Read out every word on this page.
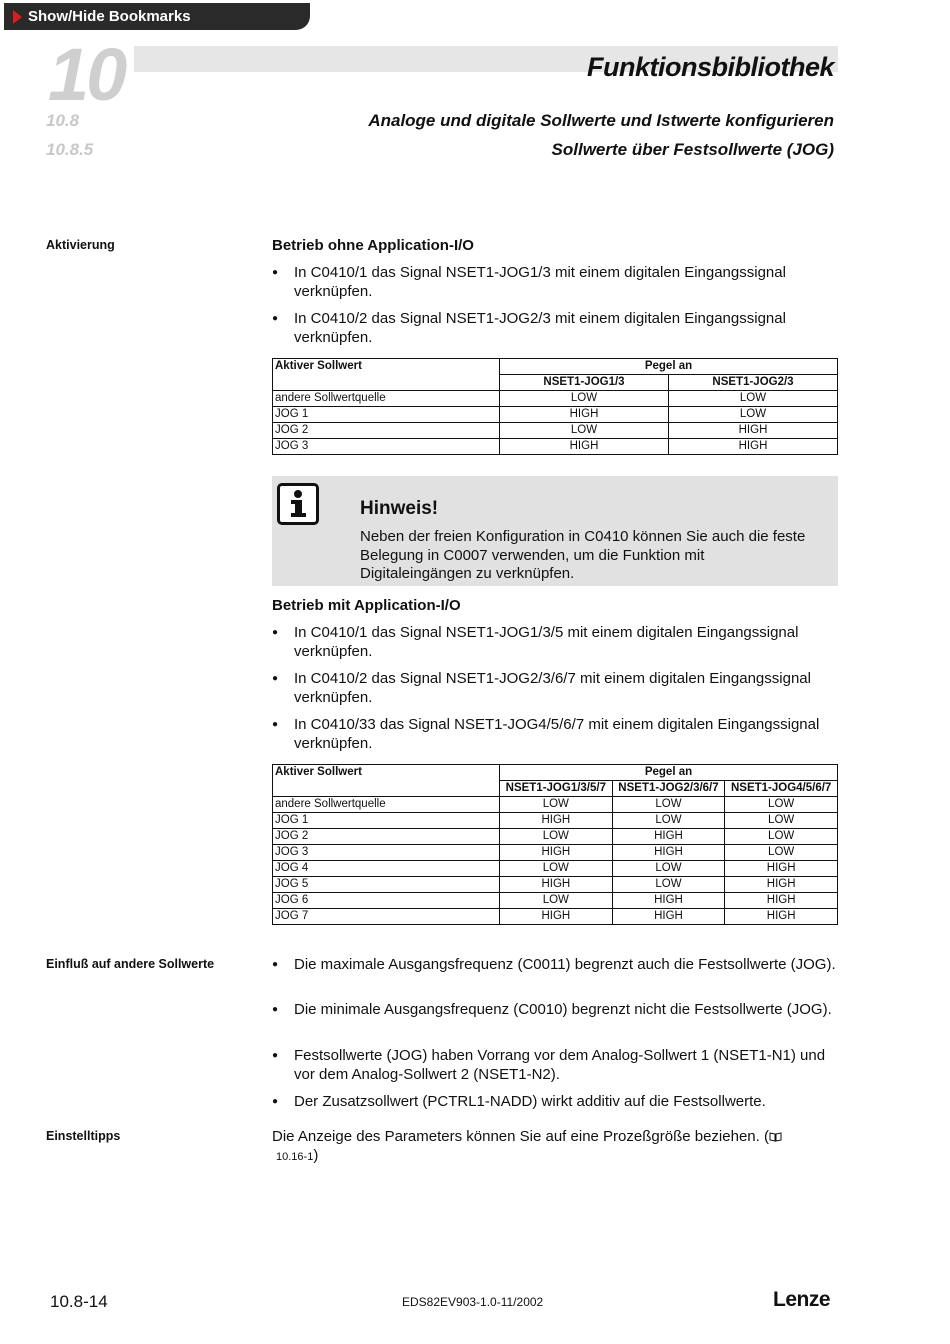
Show/Hide Bookmarks
10	Funktionsbibliothek
10.8	Analoge und digitale Sollwerte und Istwerte konfigurieren
10.8.5	Sollwerte über Festsollwerte (JOG)
Aktivierung
Einfluß auf andere Sollwerte
Einstelltipps
Betrieb ohne Application-I/O
● In C0410/1 das Signal NSET1-JOG1/3 mit einem digitalen Eingangssignal verknüpfen.
● In C0410/2 das Signal NSET1-JOG2/3 mit einem digitalen Eingangssignal verknüpfen.
Aktiver Sollwert	Pegel an	
	NSET1-JOG1/3	NSET1-JOG2/3
andere Sollwertquelle	LOW	LOW
JOG 1	HIGH	LOW
JOG 2	LOW	HIGH
JOG 3	HIGH	HIGH
Hinweis!
Neben der freien Konfiguration in C0410 können Sie auch die feste Belegung in C0007 verwenden, um die Funktion mit Digitaleingängen zu verknüpfen.
Betrieb mit Application-I/O
● In C0410/1 das Signal NSET1-JOG1/3/5 mit einem digitalen Eingangssignal verknüpfen.
● In C0410/2 das Signal NSET1-JOG2/3/6/7 mit einem digitalen Eingangssignal verknüpfen.
● In C0410/33 das Signal NSET1-JOG4/5/6/7 mit einem digitalen Eingangssignal verknüpfen.
Aktiver Sollwert	Pegel an		
	NSET1-JOG1/3/5/7	NSET1-JOG2/3/6/7	NSET1-JOG4/5/6/7
andere Sollwertquelle	LOW	LOW	LOW
JOG 1	HIGH	LOW	LOW
JOG 2	LOW	HIGH	LOW
JOG 3	HIGH	HIGH	LOW
JOG 4	LOW	LOW	HIGH
JOG 5	HIGH	LOW	HIGH
JOG 6	LOW	HIGH	HIGH
JOG 7	HIGH	HIGH	HIGH
● Die maximale Ausgangsfrequenz (C0011) begrenzt auch die Festsollwerte (JOG).
● Die minimale Ausgangsfrequenz (C0010) begrenzt nicht die Festsollwerte (JOG).
● Festsollwerte (JOG) haben Vorrang vor dem Analog-Sollwert 1 (NSET1-N1) und vor dem Analog-Sollwert 2 (NSET1-N2).
● Der Zusatzsollwert (PCTRL1-NADD) wirkt additiv auf die Festsollwerte.
Die Anzeige des Parameters können Sie auf eine Prozeßgröße beziehen. (
10.16-1)
10.8-14	EDS82EV903-1.0-11/2002	Lenze
